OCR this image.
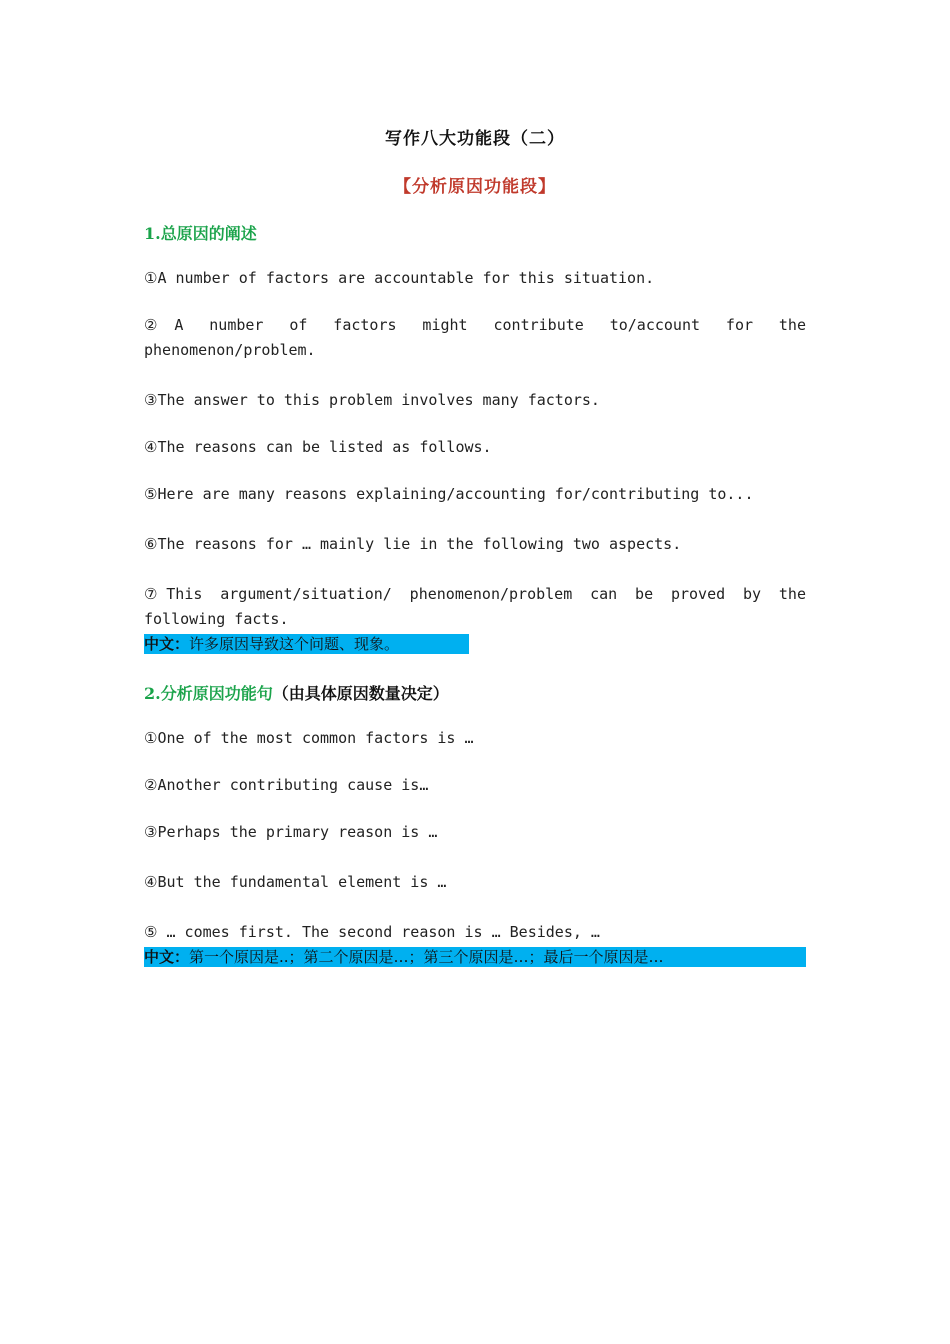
写作八大功能段（二）
【分析原因功能段】
1.总原因的阐述
①A number of factors are accountable for this situation.
②A number of factors might contribute to/account for the
phenomenon/problem.
③The answer to this problem involves many factors.
④The reasons can be listed as follows.
⑤Here are many reasons explaining/accounting for/contributing to...
⑥The reasons for … mainly lie in the following two aspects.
⑦This argument/situation/ phenomenon/problem can be proved by the
following facts.
中文：许多原因导致这个问题、现象。
2.分析原因功能句（由具体原因数量决定）
①One of the most common factors is …
②Another contributing cause is…
③Perhaps the primary reason is …
④But the fundamental element is …
⑤ … comes first. The second reason is … Besides, …
中文：第一个原因是..；第二个原因是…；第三个原因是…；最后一个原因是…
